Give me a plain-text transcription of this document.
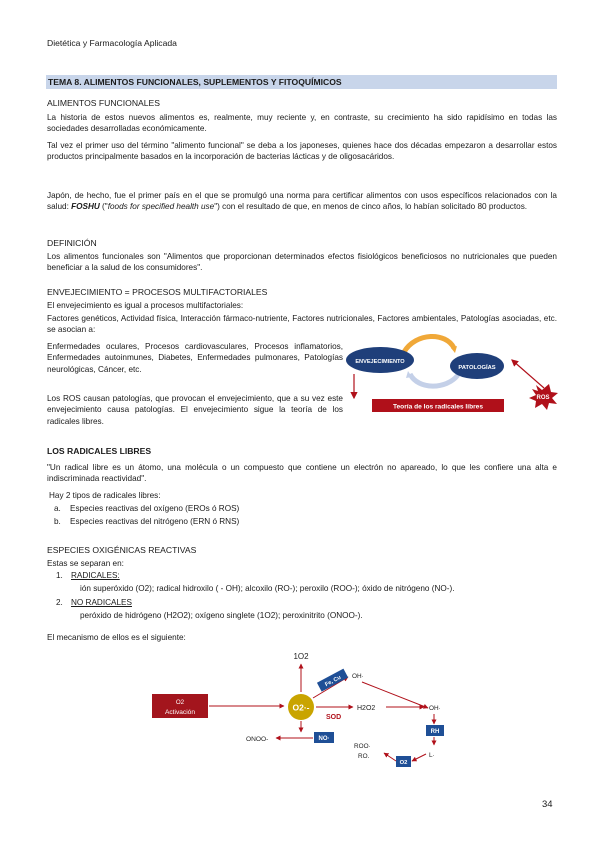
Dietética y Farmacología Aplicada
TEMA 8. ALIMENTOS FUNCIONALES, SUPLEMENTOS Y FITOQUÍMICOS
ALIMENTOS FUNCIONALES
La historia de estos nuevos alimentos es, realmente, muy reciente y, en contraste, su crecimiento ha sido rapidísimo en todas las sociedades desarrolladas económicamente.
Tal vez el primer uso del término "alimento funcional" se deba a los japoneses, quienes hace dos décadas empezaron a desarrollar estos productos principalmente basados en la incorporación de bacterias lácticas y de oligosacáridos.
Japón, de hecho, fue el primer país en el que se promulgó una norma para certificar alimentos con usos específicos relacionados con la salud: FOSHU ("foods for specified health use") con el resultado de que, en menos de cinco años, lo habían solicitado 80 productos.
DEFINICIÓN
Los alimentos funcionales son "Alimentos que proporcionan determinados efectos fisiológicos beneficiosos no nutricionales que pueden beneficiar a la salud de los consumidores".
ENVEJECIMIENTO = PROCESOS MULTIFACTORIALES
El envejecimiento es igual a procesos multifactoriales:
Factores genéticos, Actividad física, Interacción fármaco-nutriente, Factores nutricionales, Factores ambientales, Patologías asociadas, etc. se asocian a:
Enfermedades oculares, Procesos cardiovasculares, Procesos inflamatorios, Enfermedades autoinmunes, Diabetes, Enfermedades pulmonares, Patologías neurológicas, Cáncer, etc.
Los ROS causan patologías, que provocan el envejecimiento, que a su vez este envejecimiento causa patologías. El envejecimiento sigue la teoría de los radicales libres.
ENVEJECIMIENTO
PATOLOGÍAS
ROS
Teoría de los radicales libres
LOS RADICALES LIBRES
"Un radical libre es un átomo, una molécula o un compuesto que contiene un electrón no apareado, lo que les confiere una alta e indiscriminada reactividad".
Hay 2 tipos de radicales libres:
a. Especies reactivas del oxígeno (EROs ó ROS)
b. Especies reactivas del nitrógeno (ERN ó RNS)
ESPECIES OXIGÉNICAS REACTIVAS
Estas se separan en:
1. RADICALES:
ión superóxido (O2); radical hidroxilo ( - OH); alcoxilo (RO-); peroxilo (ROO-); óxido de nitrógeno (NO-).
2. NO RADICALES
peróxido de hidrógeno (H2O2); oxígeno singlete (1O2); peroxinitrito (ONOO-).
El mecanismo de ellos es el siguiente:
O2
Activación	O2·-
1O2
OH·
Fe, Cu
SOD
H2O2	OH·
RH
L·
O2
ROO·
RO.
NO·
ONOO-
34
